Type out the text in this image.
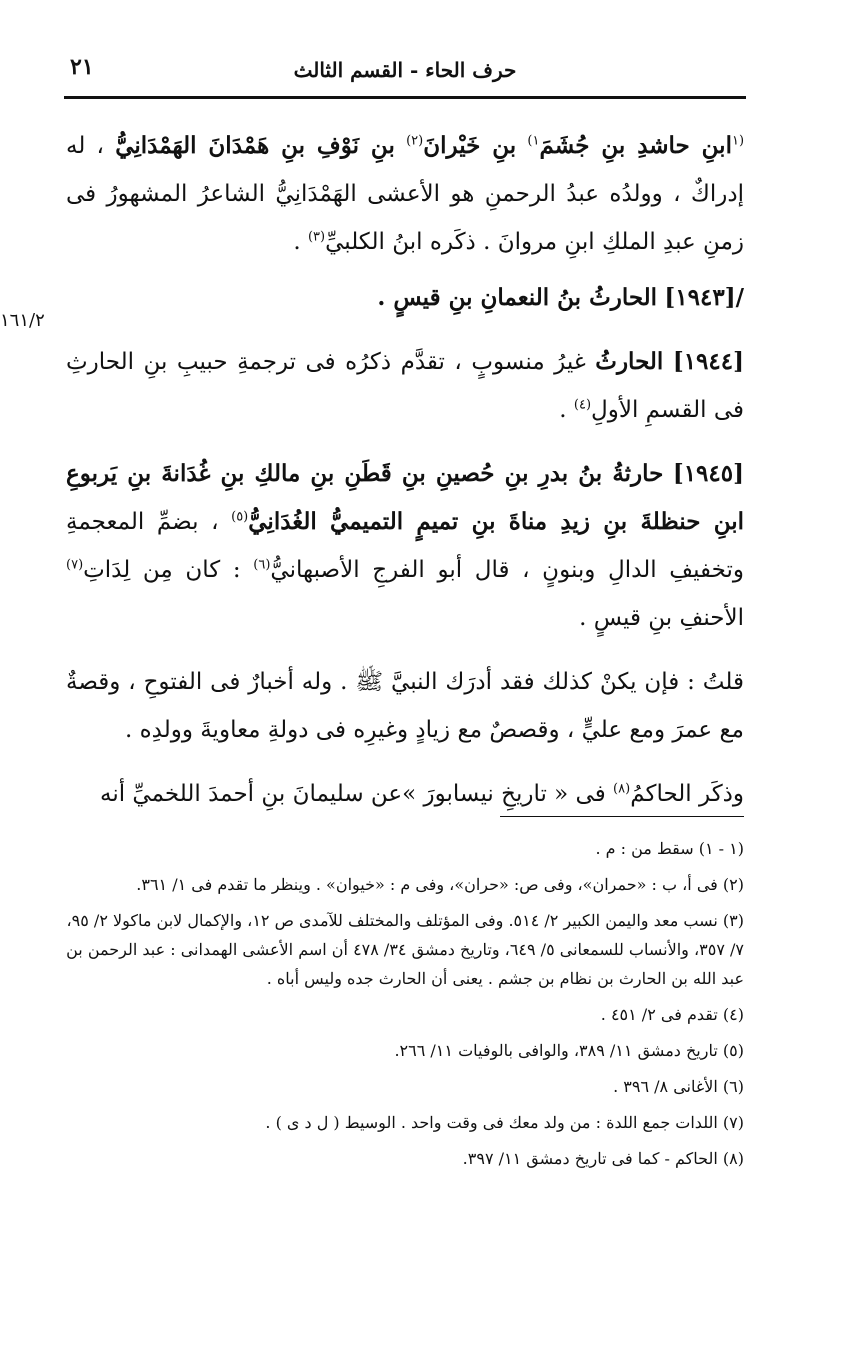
حرف الحاء - القسم الثالث
٢١
١٦١/٢

$^{(١}$ابنِ حاشدِ بنِ جُشَمَ$^{١)}$ بنِ خَيْرانَ$^{(٢)}$ بنِ نَوْفِ بنِ هَمْدَانَ الهَمْدَانِيُّ ، له إدراكٌ ، وولدُه عبدُ الرحمنِ هو الأعشى الهَمْدَانِيُّ الشاعرُ المشهورُ فى زمنِ عبدِ الملكِ ابنِ مروانَ . ذكَره ابنُ الكلبيِّ$^{(٣)}$ .

/[١٩٤٣] الحارثُ بنُ النعمانِ بنِ قيسٍ .

[١٩٤٤] الحارثُ غيرُ منسوبٍ ، تقدَّم ذكرُه فى ترجمةِ حبيبِ بنِ الحارثِ فى القسمِ الأولِ$^{(٤)}$ .

[١٩٤٥] حارثةُ بنُ بدرِ بنِ حُصينِ بنِ قَطَنِ بنِ مالكِ بنِ غُدَانةَ بنِ يَربوعِ ابنِ حنظلةَ بنِ زيدِ مناةَ بنِ تميمٍ التميميُّ الغُدَانِيُّ$^{(٥)}$ ، بضمِّ المعجمةِ وتخفيفِ الدالِ وبنونٍ ، قال أبو الفرجِ الأصبهانيُّ$^{(٦)}$ : كان مِن لِدَاتِ$^{(٧)}$ الأحنفِ بنِ قيسٍ .

قلتُ : فإن يكنْ كذلك فقد أدرَك النبيَّ ﷺ . وله أخبارٌ فى الفتوحِ ، وقصةٌ مع عمرَ ومع عليٍّ ، وقصصٌ مع زيادٍ وغيرِه فى دولةِ معاويةَ وولدِه .

وذكَر الحاكمُ$^{(٨)}$ فى « تاريخِ نيسابورَ »عن سليمانَ بنِ أحمدَ اللخميِّ أنه

(١ - ١) سقط من : م .

(٢) فى أ، ب : «حمران»، وفى ص: «حران»، وفى م : «خيوان» . وينظر ما تقدم فى ١/ ٣٦١.

(٣) نسب معد واليمن الكبير ٢/ ٥١٤. وفى المؤتلف والمختلف للآمدى ص ١٢، والإكمال لابن ماكولا ٢/ ٩٥، ٧/ ٣٥٧، والأنساب للسمعانى ٥/ ٦٤٩، وتاريخ دمشق ٣٤/ ٤٧٨ أن اسم الأعشى الهمدانى : عبد الرحمن بن عبد الله بن الحارث بن نظام بن جشم . يعنى أن الحارث جده وليس أباه .

(٤) تقدم فى ٢/ ٤٥١ .

(٥) تاريخ دمشق ١١/ ٣٨٩، والوافى بالوفيات ١١/ ٢٦٦.

(٦) الأغانى ٨/ ٣٩٦ .

(٧) اللدات جمع اللدة : من ولد معك فى وقت واحد . الوسيط ( ل د ى ) .

(٨) الحاكم - كما فى تاريخ دمشق ١١/ ٣٩٧.
